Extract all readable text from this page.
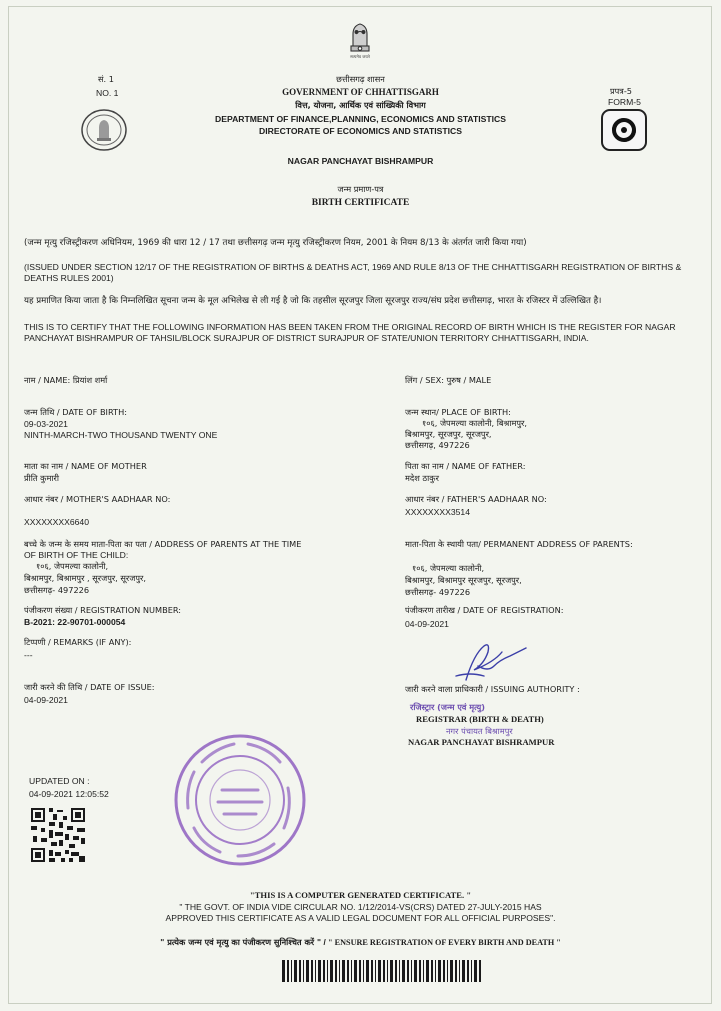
सत्यमेव जयते
सं. 1
NO. 1
छत्तीसगढ़ शासन
GOVERNMENT OF CHHATTISGARH
वित्त, योजना, आर्थिक एवं सांख्यिकी विभाग
DEPARTMENT OF FINANCE,PLANNING, ECONOMICS AND STATISTICS
DIRECTORATE OF ECONOMICS AND STATISTICS
प्रपत्र-5
FORM-5
NAGAR PANCHAYAT BISHRAMPUR
जन्म प्रमाण-पत्र
BIRTH CERTIFICATE
(जन्म मृत्यु रजिस्ट्रीकरण अधिनियम, 1969 की धारा 12 / 17 तथा छत्तीसगढ़ जन्म मृत्यु रजिस्ट्रीकरण नियम, 2001 के नियम 8/13 के अंतर्गत जारी किया गया)
(ISSUED UNDER SECTION 12/17 OF THE REGISTRATION OF BIRTHS & DEATHS ACT, 1969 AND RULE 8/13 OF THE CHHATTISGARH REGISTRATION OF BIRTHS & DEATHS RULES 2001)
यह प्रमाणित किया जाता है कि निम्नलिखित सूचना जन्म के मूल अभिलेख से ली गई है जो कि तहसील सूरजपुर जिला सूरजपुर राज्य/संघ प्रदेश छत्तीसगढ़, भारत के रजिस्टर में उल्लिखित है।
THIS IS TO CERTIFY THAT THE FOLLOWING INFORMATION HAS BEEN TAKEN FROM THE ORIGINAL RECORD OF BIRTH WHICH IS THE REGISTER FOR NAGAR PANCHAYAT BISHRAMPUR OF TAHSIL/BLOCK SURAJPUR OF DISTRICT SURAJPUR OF STATE/UNION TERRITORY CHHATTISGARH, INDIA.
नाम / NAME: प्रियांश शर्मा	लिंग / SEX: पुरुष / MALE
जन्म तिथि / DATE OF BIRTH:
09-03-2021
NINTH-MARCH-TWO THOUSAND TWENTY ONE
जन्म स्थान/ PLACE OF BIRTH:
१०६, जेपमल्या कालोनी, बिश्रामपुर,
बिश्रामपुर, सूरजपुर, सूरजपुर,
छत्तीसगढ़, 497226
माता का नाम / NAME OF MOTHER
प्रीति कुमारी
पिता का नाम / NAME OF FATHER:
मदेश ठाकुर
आधार नंबर / MOTHER'S AADHAAR NO:
XXXXXXXX6640
आधार नंबर / FATHER'S AADHAAR NO:
XXXXXXXX3514
बच्चे के जन्म के समय माता-पिता का पता / ADDRESS OF PARENTS AT THE TIME
OF BIRTH OF THE CHILD:
१०६, जेपमल्या कालोनी,
बिश्रामपुर, बिश्रामपुर , सूरजपुर, सूरजपुर,
छत्तीसगढ़- 497226
माता-पिता के स्थायी पता/ PERMANENT ADDRESS OF PARENTS:
१०६, जेपमल्या कालोनी,
बिश्रामपुर, बिश्रामपुर सूरजपुर, सूरजपुर,
छत्तीसगढ़- 497226
पंजीकरण संख्या / REGISTRATION NUMBER:
B-2021: 22-90701-000054
पंजीकरण तारीख / DATE OF REGISTRATION:
04-09-2021
टिप्पणी / REMARKS (IF ANY):
---
जारी करने की तिथि / DATE OF ISSUE:
04-09-2021
जारी करने वाला प्राधिकारी / ISSUING AUTHORITY :
रजिस्ट्रार (जन्म एवं मृत्यु)
REGISTRAR (BIRTH & DEATH)
नगर पंचायत बिश्रामपुर
NAGAR PANCHAYAT BISHRAMPUR
UPDATED ON :
04-09-2021 12:05:52
"THIS IS A COMPUTER GENERATED CERTIFICATE. "
" THE GOVT. OF INDIA VIDE CIRCULAR NO. 1/12/2014-VS(CRS) DATED 27-JULY-2015 HAS
APPROVED THIS CERTIFICATE AS A VALID LEGAL DOCUMENT FOR ALL OFFICIAL PURPOSES".
" प्रत्येक जन्म एवं मृत्यु का पंजीकरण सुनिश्चित करें " / " ENSURE REGISTRATION OF EVERY BIRTH AND DEATH "
